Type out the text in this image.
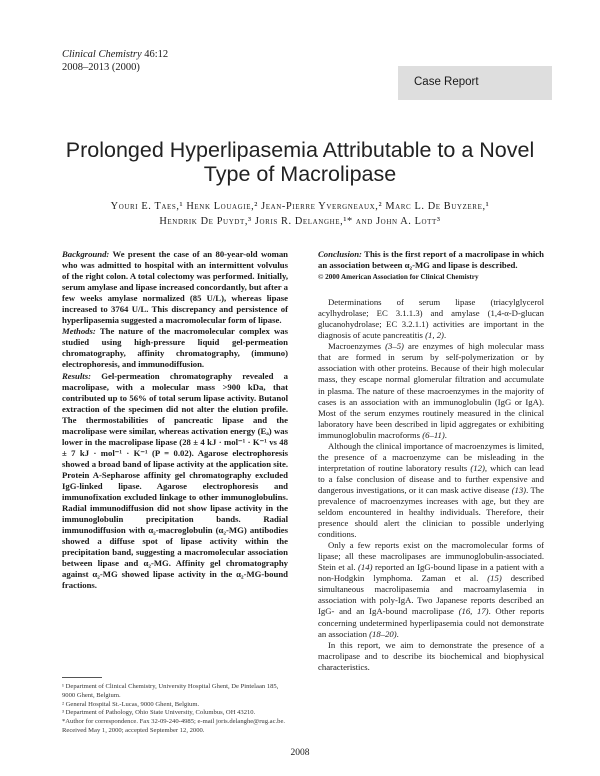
Clinical Chemistry 46:12
2008–2013 (2000)
Case Report
Prolonged Hyperlipasemia Attributable to a Novel Type of Macrolipase
Youri E. Taes,¹ Henk Louagie,² Jean-Pierre Yvergneaux,² Marc L. De Buyzere,¹
Hendrik De Puydt,³ Joris R. Delanghe,¹* and John A. Lott³

Background: We present the case of an 80-year-old woman who was admitted to hospital with an intermittent volvulus of the right colon. A total colectomy was performed. Initially, serum amylase and lipase increased concordantly, but after a few weeks amylase normalized (85 U/L), whereas lipase increased to 3764 U/L. This discrepancy and persistence of hyperlipasemia suggested a macromolecular form of lipase.

Methods: The nature of the macromolecular complex was studied using high-pressure liquid gel-permeation chromatography, affinity chromatography, (immuno) electrophoresis, and immunodiffusion.

Results: Gel-permeation chromatography revealed a macrolipase, with a molecular mass >900 kDa, that contributed up to 56% of total serum lipase activity. Butanol extraction of the specimen did not alter the elution profile. The thermostabilities of pancreatic lipase and the macrolipase were similar, whereas activation energy (Eₐ) was lower in the macrolipase lipase (28 ± 4 kJ · mol⁻¹ · K⁻¹ vs 48 ± 7 kJ · mol⁻¹ · K⁻¹ (P = 0.02). Agarose electrophoresis showed a broad band of lipase activity at the application site. Protein A-Sepharose affinity gel chromatography excluded IgG-linked lipase. Agarose electrophoresis and immunofixation excluded linkage to other immunoglobulins. Radial immunodiffusion did not show lipase activity in the immunoglobulin precipitation bands. Radial immunodiffusion with α₂-macroglobulin (α₂-MG) antibodies showed a diffuse spot of lipase activity within the precipitation band, suggesting a macromolecular association between lipase and α₂-MG. Affinity gel chromatography against α₂-MG showed lipase activity in the α₂-MG-bound fractions.

Conclusion: This is the first report of a macrolipase in which an association between α₂-MG and lipase is described.

© 2000 American Association for Clinical Chemistry

Determinations of serum lipase (triacylglycerol acylhydrolase; EC 3.1.1.3) and amylase (1,4-α-D-glucan glucanohydrolase; EC 3.2.1.1) activities are important in the diagnosis of acute pancreatitis (1, 2).

Macroenzymes (3–5) are enzymes of high molecular mass that are formed in serum by self-polymerization or by association with other proteins. Because of their high molecular mass, they escape normal glomerular filtration and accumulate in plasma. The nature of these macroenzymes in the majority of cases is an association with an immunoglobulin (IgG or IgA). Most of the serum enzymes routinely measured in the clinical laboratory have been described in lipid aggregates or exhibiting immunoglobulin macroforms (6–11).

Although the clinical importance of macroenzymes is limited, the presence of a macroenzyme can be misleading in the interpretation of routine laboratory results (12), which can lead to a false conclusion of disease and to further expensive and dangerous investigations, or it can mask active disease (13). The prevalence of macroenzymes increases with age, but they are seldom encountered in healthy individuals. Therefore, their presence should alert the clinician to possible underlying conditions.

Only a few reports exist on the macromolecular forms of lipase; all these macrolipases are immunoglobulin-associated. Stein et al. (14) reported an IgG-bound lipase in a patient with a non-Hodgkin lymphoma. Zaman et al. (15) described simultaneous macrolipasemia and macroamylasemia in association with poly-IgA. Two Japanese reports described an IgG- and an IgA-bound macrolipase (16, 17). Other reports concerning undetermined hyperlipasemia could not demonstrate an association (18–20).

In this report, we aim to demonstrate the presence of a macrolipase and to describe its biochemical and biophysical characteristics.

¹ Department of Clinical Chemistry, University Hospital Ghent, De Pintelaan 185, 9000 Ghent, Belgium.

² General Hospital St.-Lucas, 9000 Ghent, Belgium.

³ Department of Pathology, Ohio State University, Columbus, OH 43210.

*Author for correspondence. Fax 32-09-240-4985; e-mail joris.delanghe@rug.ac.be.

Received May 1, 2000; accepted September 12, 2000.

2008
